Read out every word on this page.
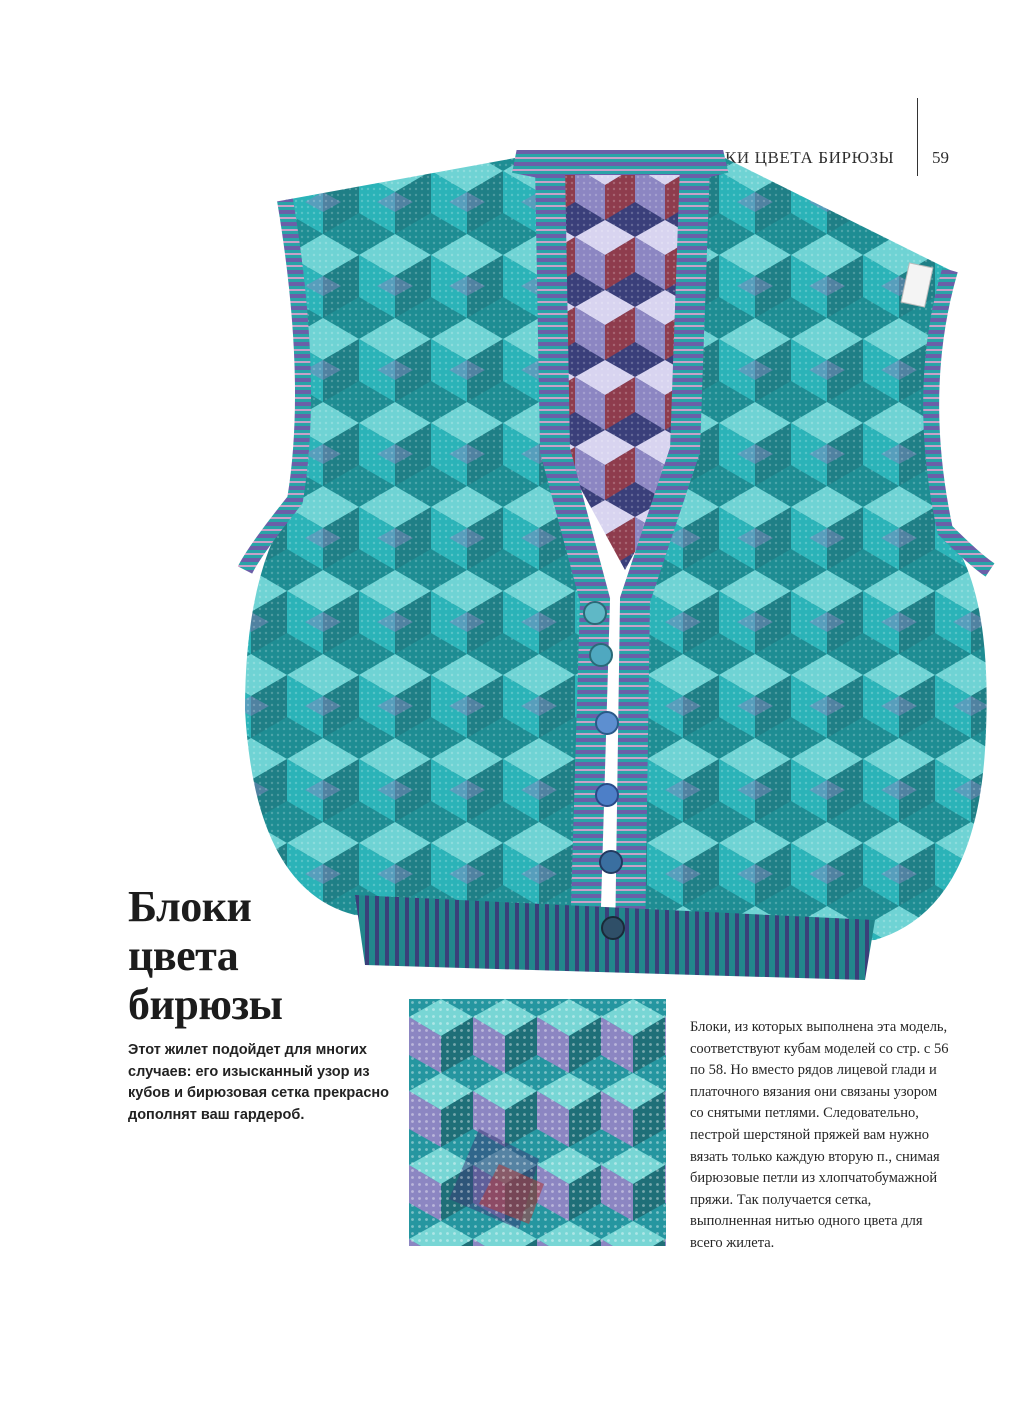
Блоки
цвета
бирюзы

Этот жилет подойдет для многих случаев: его изысканный узор из кубов и бирюзовая сетка прекрасно дополнят ваш гардероб.

Блоки, из которых выполнена эта модель, соответствуют кубам моделей со стр. с 56 по 58. Но вместо рядов лицевой глади и платочного вязания они связаны узором со снятыми петлями. Следовательно, пестрой шерстяной пряжей вам нужно вязать только каждую вторую п., снимая бирюзовые петли из хлопчатобумажной пряжи. Так получается сетка, выполненная нитью одного цвета для всего жилета.
